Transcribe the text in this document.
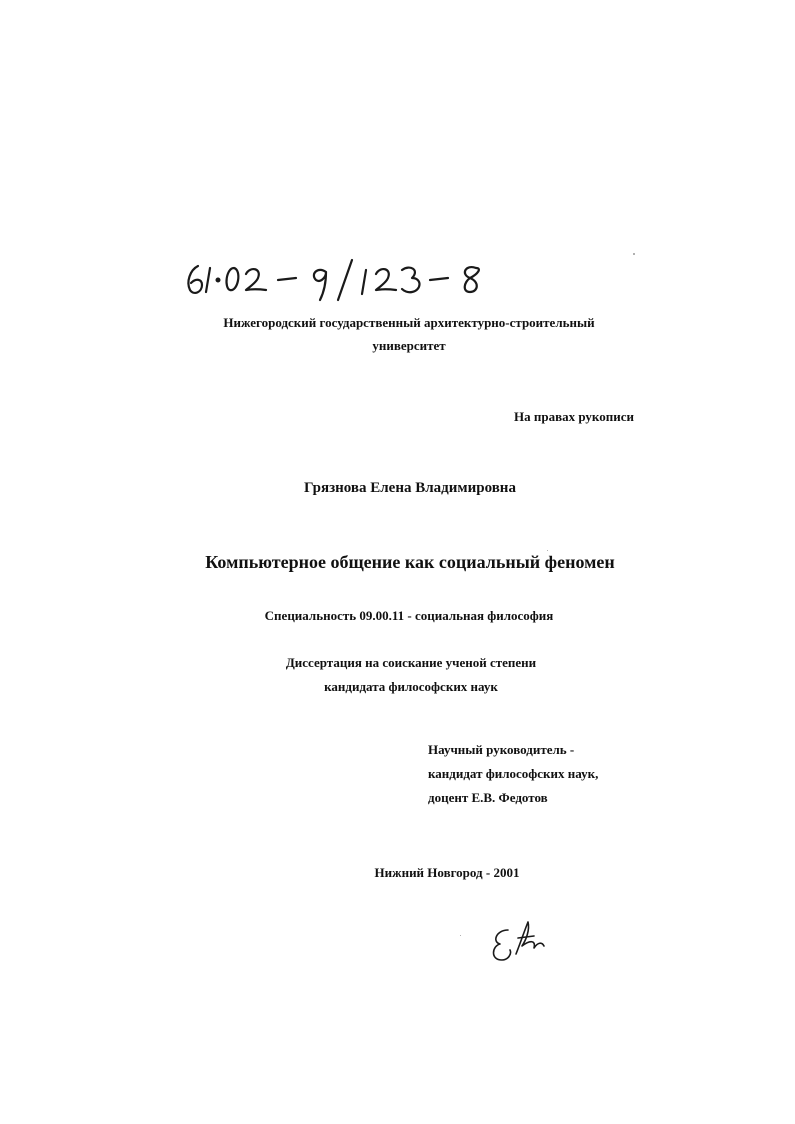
Нижегородский государственный архитектурно-строительный
университет
На правах рукописи
Грязнова Елена Владимировна
Компьютерное общение как социальный феномен
Специальность 09.00.11 - социальная философия
Диссертация на соискание ученой степени
кандидата философских наук
Научный руководитель -
кандидат философских наук,
доцент Е.В. Федотов
Нижний Новгород - 2001
